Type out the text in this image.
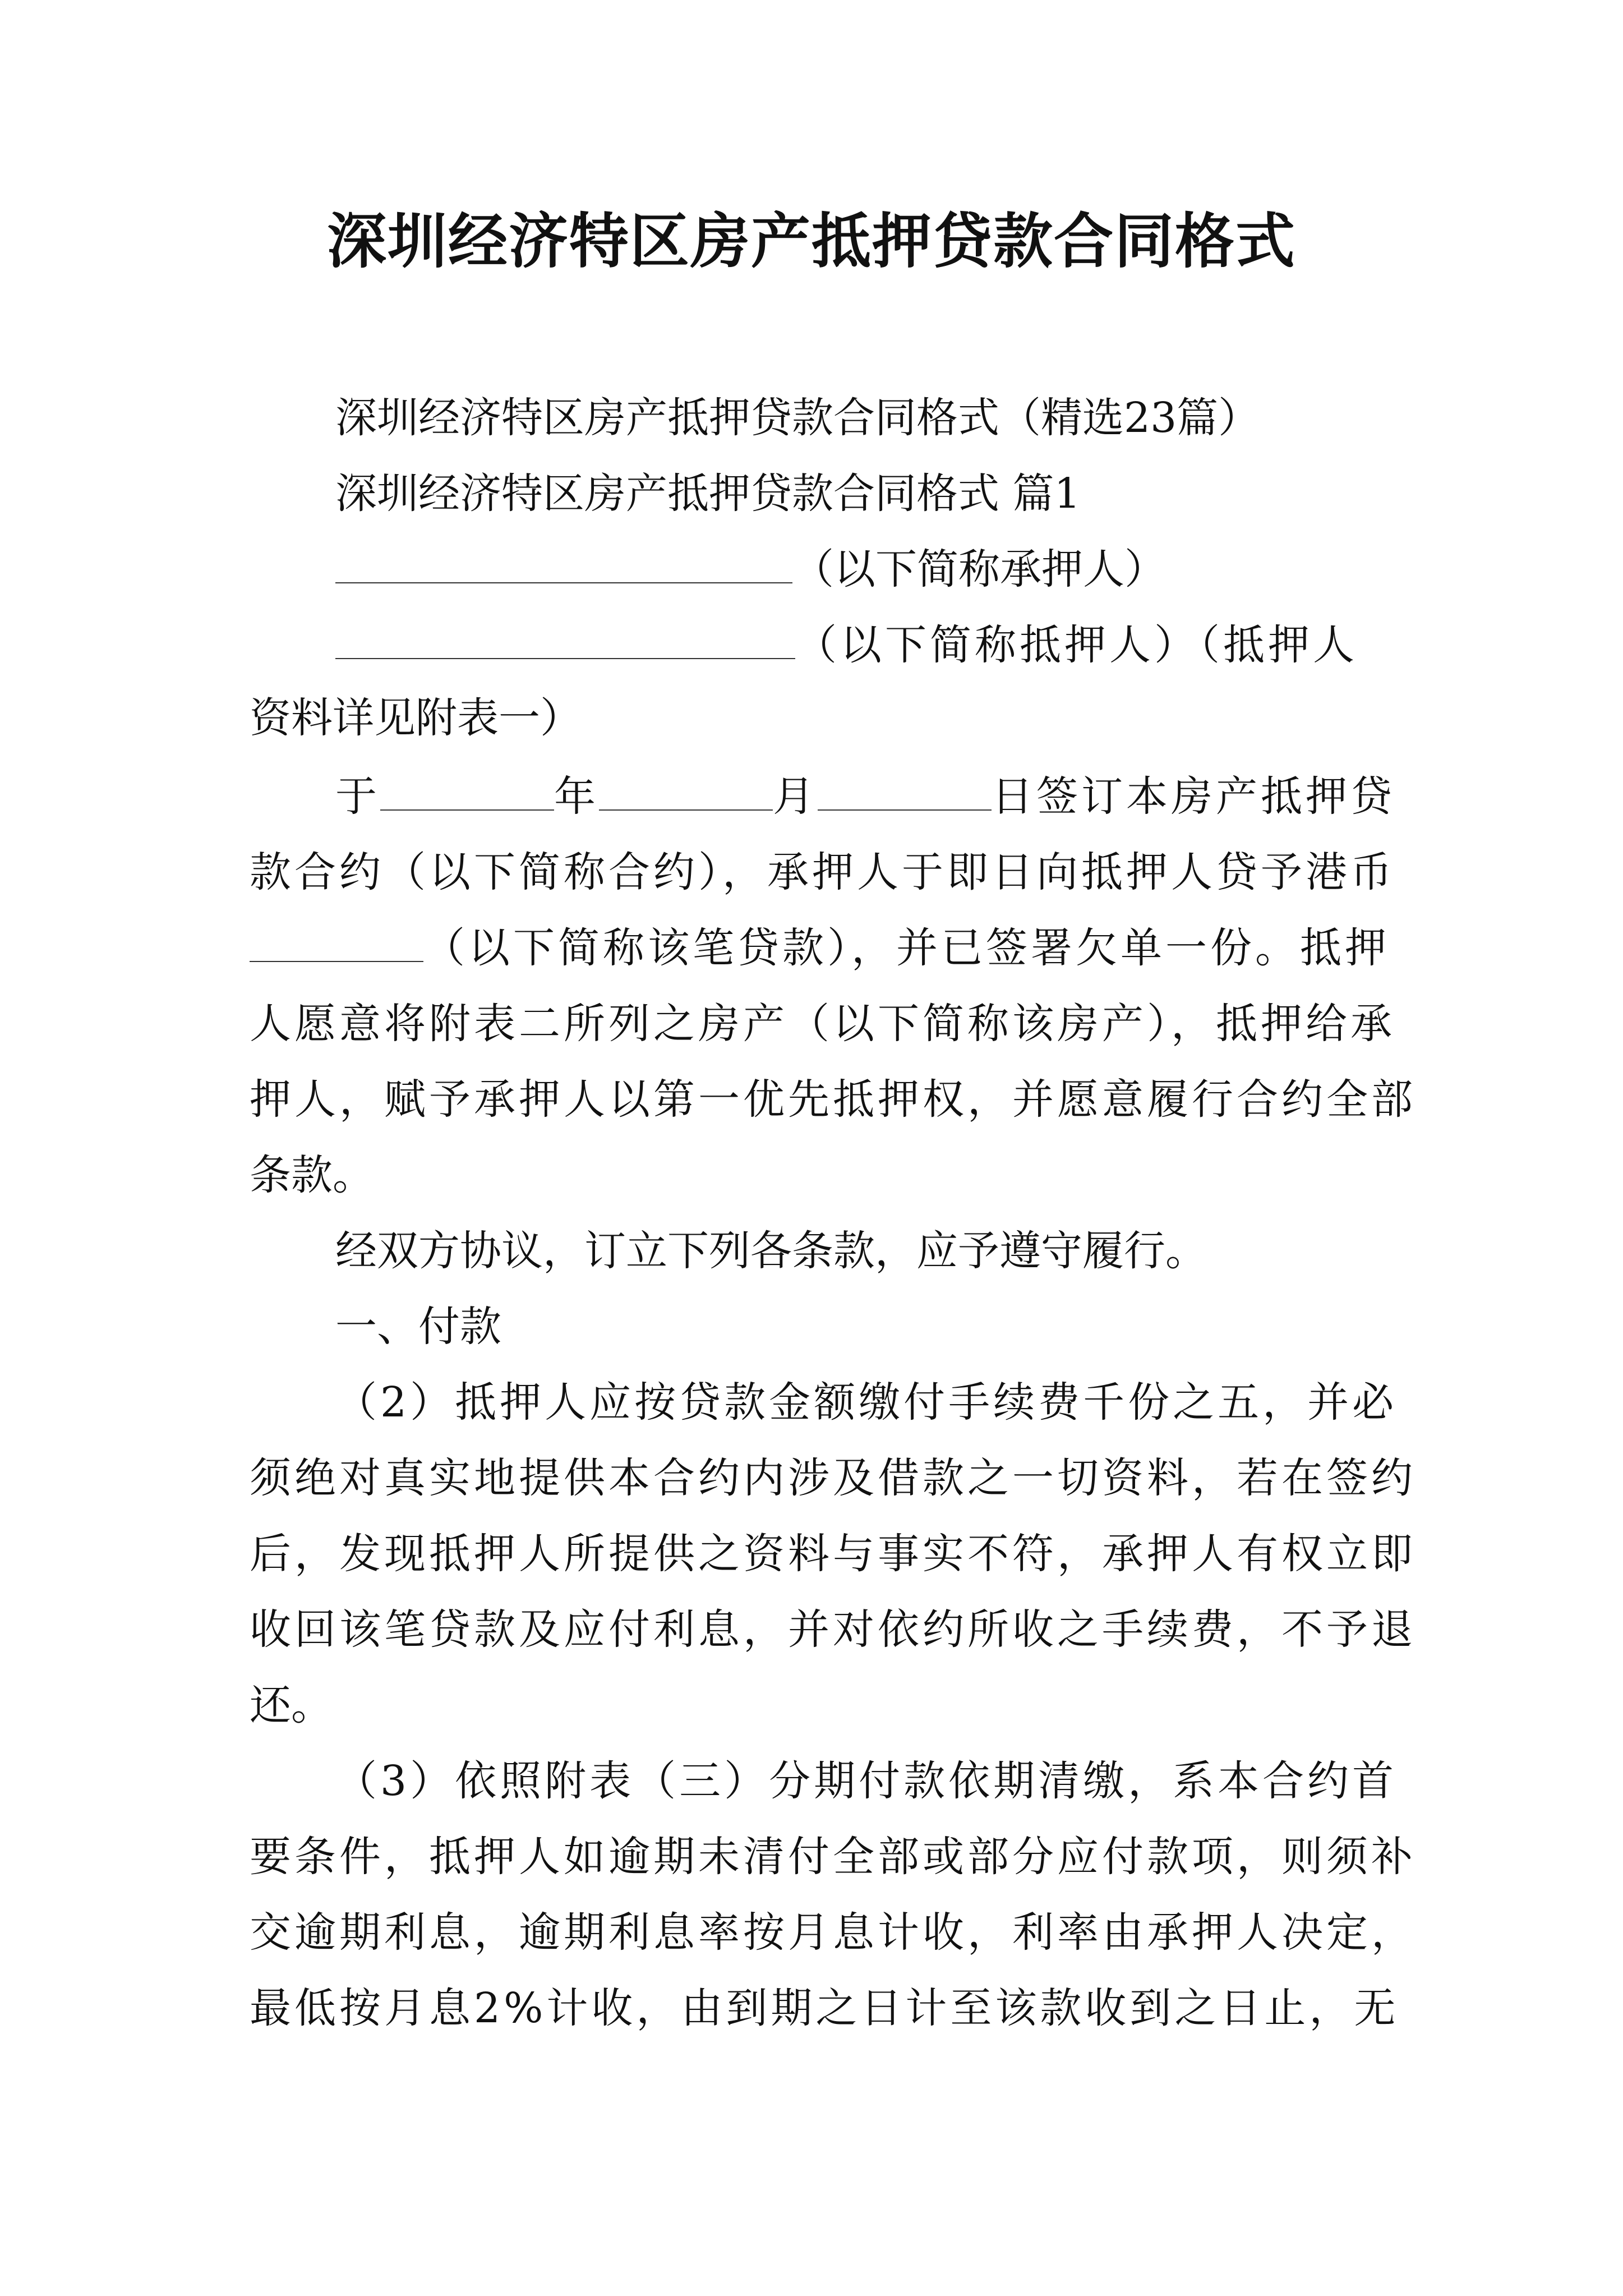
深圳经济特区房产抵押贷款合同格式
深圳经济特区房产抵押贷款合同格式（精选23篇）
深圳经济特区房产抵押贷款合同格式 篇1
（以下简称承押人）
（以下简称抵押人）（抵押人
资料详见附表一）
于	年	月	日签订本房产抵押贷
款合约（以下简称合约），承押人于即日向抵押人贷予港币
（以下简称该笔贷款），并已签署欠单一份。抵押
人愿意将附表二所列之房产（以下简称该房产），抵押给承
押人，赋予承押人以第一优先抵押权，并愿意履行合约全部
条款。
经双方协议，订立下列各条款，应予遵守履行。
一、付款
（2）抵押人应按贷款金额缴付手续费千份之五，并必
须绝对真实地提供本合约内涉及借款之一切资料，若在签约
后，发现抵押人所提供之资料与事实不符，承押人有权立即
收回该笔贷款及应付利息，并对依约所收之手续费，不予退
还。
（3）依照附表（三）分期付款依期清缴，系本合约首
要条件，抵押人如逾期未清付全部或部分应付款项，则须补
交逾期利息，逾期利息率按月息计收，利率由承押人决定，
最低按月息2%计收，由到期之日计至该款收到之日止，无
